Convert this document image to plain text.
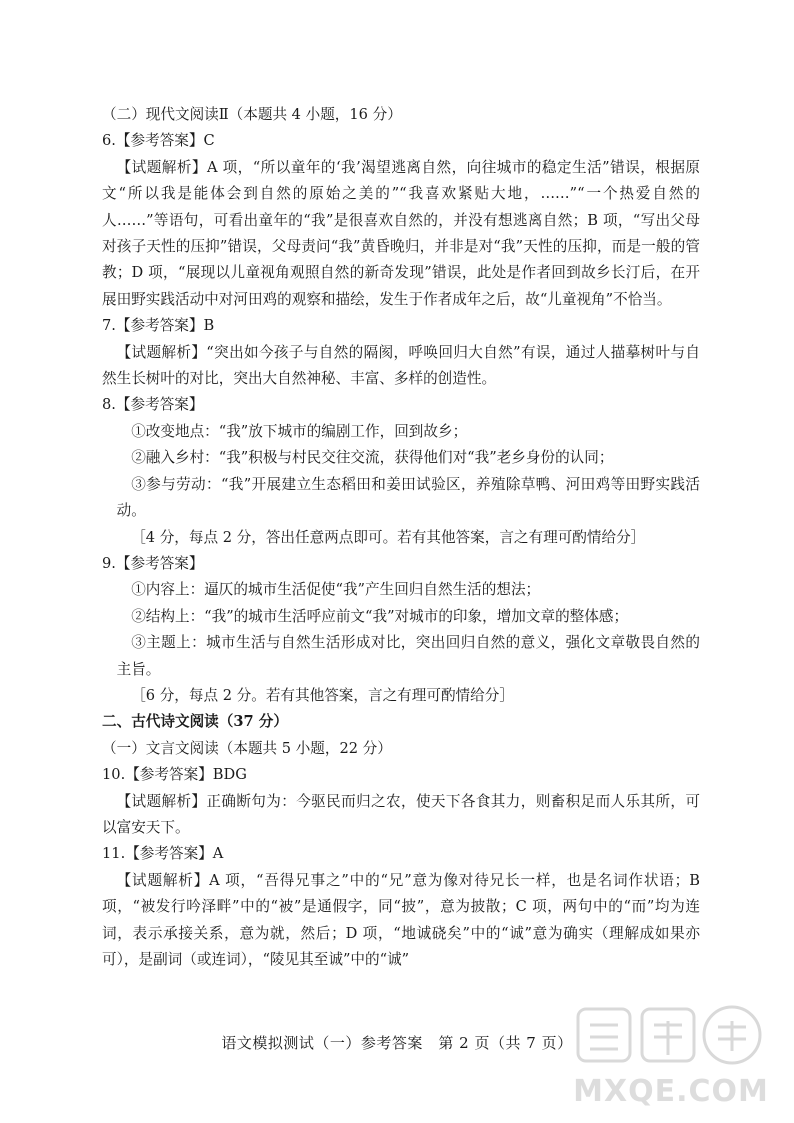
（二）现代文阅读Ⅱ（本题共 4 小题，16 分）

6.【参考答案】C

【试题解析】A 项，“所以童年的‘我’渴望逃离自然，向往城市的稳定生活”错误，根据原文“所以我是能体会到自然的原始之美的”“我喜欢紧贴大地，……”“一个热爱自然的人……”等语句，可看出童年的“我”是很喜欢自然的，并没有想逃离自然；B 项，“写出父母对孩子天性的压抑”错误，父母责问“我”黄昏晚归，并非是对“我”天性的压抑，而是一般的管教；D 项，“展现以儿童视角观照自然的新奇发现”错误，此处是作者回到故乡长汀后，在开展田野实践活动中对河田鸡的观察和描绘，发生于作者成年之后，故“儿童视角”不恰当。

7.【参考答案】B

【试题解析】“突出如今孩子与自然的隔阂，呼唤回归大自然”有误，通过人描摹树叶与自然生长树叶的对比，突出大自然神秘、丰富、多样的创造性。

8.【参考答案】

①改变地点：“我”放下城市的编剧工作，回到故乡；

②融入乡村：“我”积极与村民交往交流，获得他们对“我”老乡身份的认同；

③参与劳动：“我”开展建立生态稻田和姜田试验区，养殖除草鸭、河田鸡等田野实践活动。

［4 分，每点 2 分，答出任意两点即可。若有其他答案，言之有理可酌情给分］

9.【参考答案】

①内容上：逼仄的城市生活促使“我”产生回归自然生活的想法；

②结构上：“我”的城市生活呼应前文“我”对城市的印象，增加文章的整体感；

③主题上：城市生活与自然生活形成对比，突出回归自然的意义，强化文章敬畏自然的主旨。

［6 分，每点 2 分。若有其他答案，言之有理可酌情给分］

二、古代诗文阅读（37 分）

（一）文言文阅读（本题共 5 小题，22 分）

10.【参考答案】BDG

【试题解析】正确断句为：今驱民而归之农，使天下各食其力，则畜积足而人乐其所，可以富安天下。

11.【参考答案】A

【试题解析】A 项，“吾得兄事之”中的“兄”意为像对待兄长一样，也是名词作状语；B 项，“被发行吟泽畔”中的“被”是通假字，同“披”，意为披散；C 项，两句中的“而”均为连词，表示承接关系，意为就，然后；D 项，“地诚硗矣”中的“诚”意为确实（理解成如果亦可），是副词（或连词），“陵见其至诚”中的“诚”

语文模拟测试（一）参考答案　第 2 页（共 7 页）
MXQE.COM
